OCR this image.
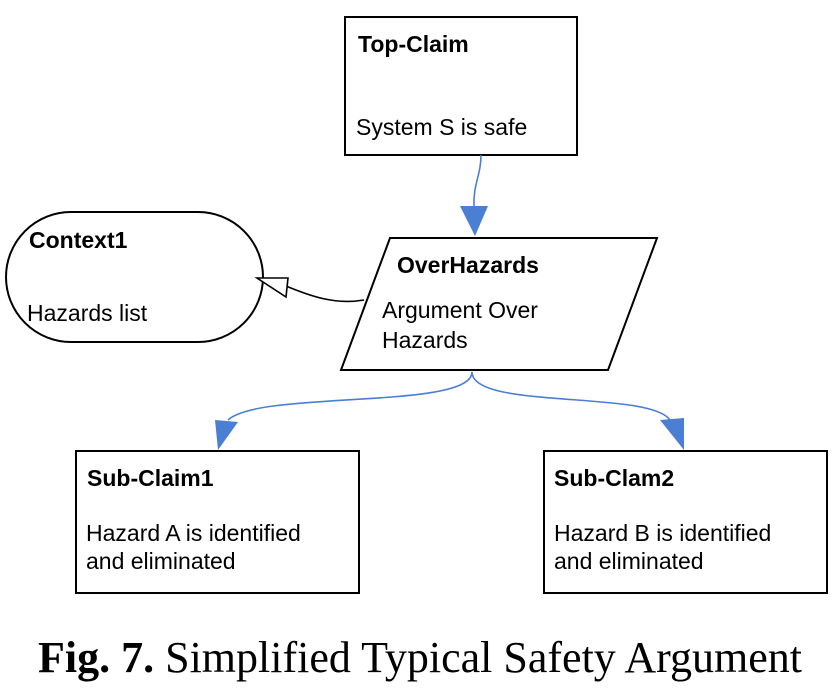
Top-Claim
System S is safe
Context1
Hazards list
OverHazards
Argument Over
Hazards
Sub-Claim1
Hazard A is identified
and eliminated
Sub-Clam2
Hazard B is identified
and eliminated
Fig. 7. Simplified Typical Safety Argument
